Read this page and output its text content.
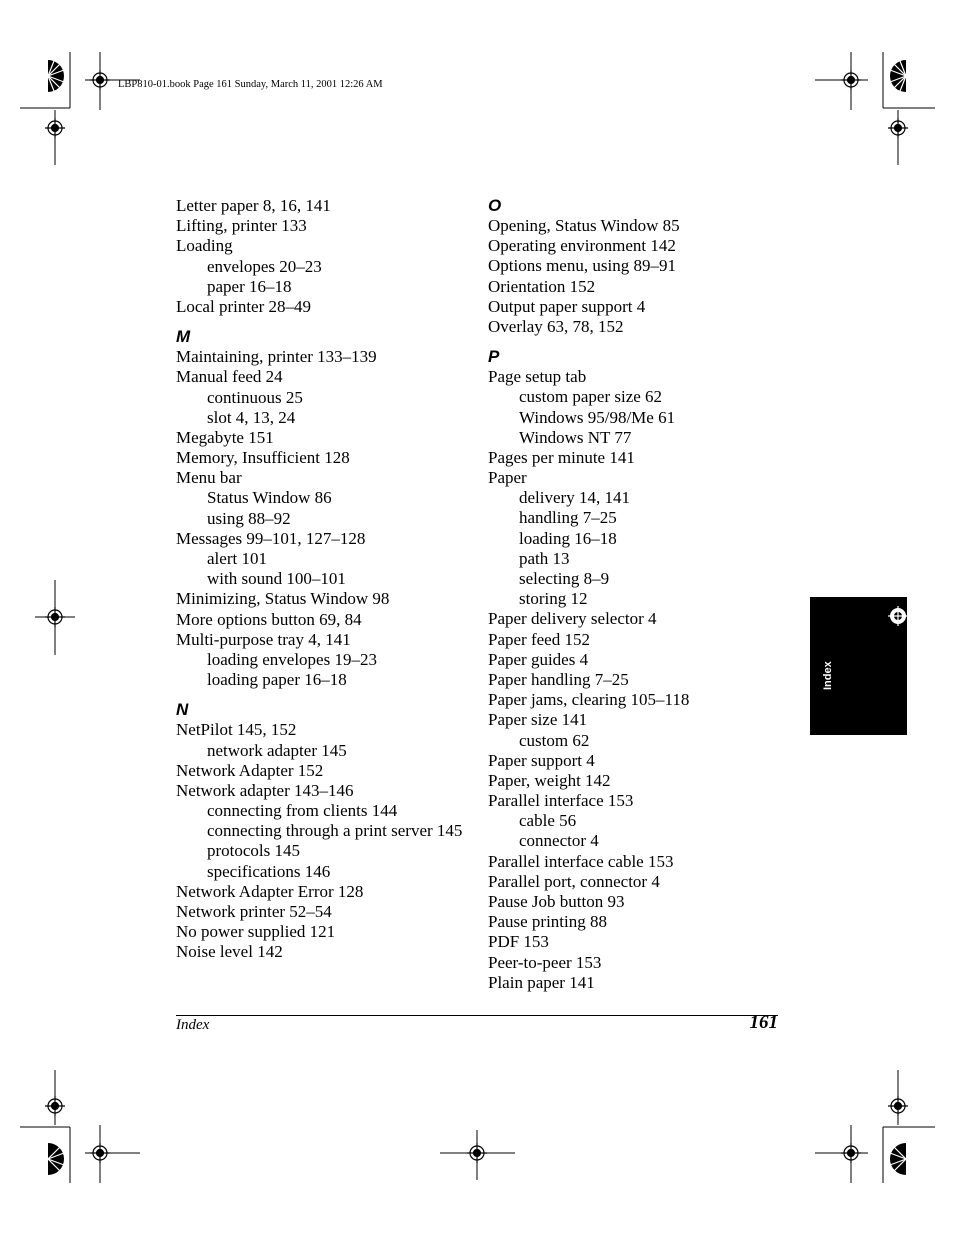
LBP810-01.book Page 161 Sunday, March 11, 2001 12:26 AM
Letter paper 8, 16, 141
Lifting, printer 133
Loading
envelopes 20–23
paper 16–18
Local printer 28–49
M
Maintaining, printer 133–139
Manual feed 24
continuous 25
slot 4, 13, 24
Megabyte 151
Memory, Insufficient 128
Menu bar
Status Window 86
using 88–92
Messages 99–101, 127–128
alert 101
with sound 100–101
Minimizing, Status Window 98
More options button 69, 84
Multi-purpose tray 4, 141
loading envelopes 19–23
loading paper 16–18
N
NetPilot 145, 152
network adapter 145
Network Adapter 152
Network adapter 143–146
connecting from clients 144
connecting through a print server 145
protocols 145
specifications 146
Network Adapter Error 128
Network printer 52–54
No power supplied 121
Noise level 142
O
Opening, Status Window 85
Operating environment 142
Options menu, using 89–91
Orientation 152
Output paper support 4
Overlay 63, 78, 152
P
Page setup tab
custom paper size 62
Windows 95/98/Me 61
Windows NT 77
Pages per minute 141
Paper
delivery 14, 141
handling 7–25
loading 16–18
path 13
selecting 8–9
storing 12
Paper delivery selector 4
Paper feed 152
Paper guides 4
Paper handling 7–25
Paper jams, clearing 105–118
Paper size 141
custom 62
Paper support 4
Paper, weight 142
Parallel interface 153
cable 56
connector 4
Parallel interface cable 153
Parallel port, connector 4
Pause Job button 93
Pause printing 88
PDF 153
Peer-to-peer 153
Plain paper 141
Index
Index	161
